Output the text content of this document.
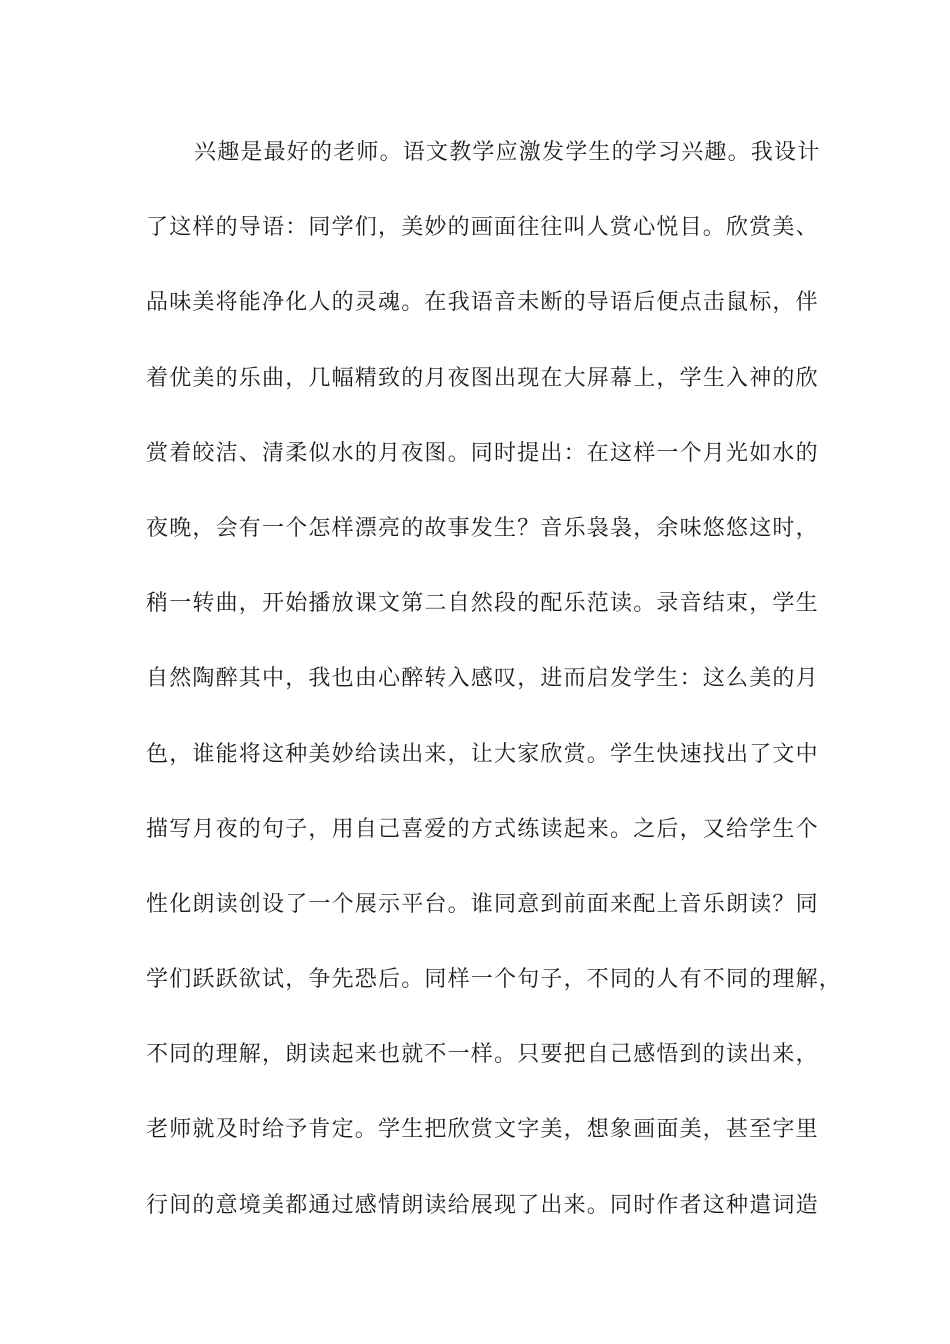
兴趣是最好的老师。语文教学应激发学生的学习兴趣。我设计
了这样的导语：同学们，美妙的画面往往叫人赏心悦目。欣赏美、
品味美将能净化人的灵魂。在我语音未断的导语后便点击鼠标，伴
着优美的乐曲，几幅精致的月夜图出现在大屏幕上，学生入神的欣
赏着皎洁、清柔似水的月夜图。同时提出：在这样一个月光如水的
夜晚，会有一个怎样漂亮的故事发生？音乐袅袅，余味悠悠这时，
稍一转曲，开始播放课文第二自然段的配乐范读。录音结束，学生
自然陶醉其中，我也由心醉转入感叹，进而启发学生：这么美的月
色，谁能将这种美妙给读出来，让大家欣赏。学生快速找出了文中
描写月夜的句子，用自己喜爱的方式练读起来。之后，又给学生个
性化朗读创设了一个展示平台。谁同意到前面来配上音乐朗读？同
学们跃跃欲试，争先恐后。同样一个句子，不同的人有不同的理解，
不同的理解，朗读起来也就不一样。只要把自己感悟到的读出来，
老师就及时给予肯定。学生把欣赏文字美，想象画面美，甚至字里
行间的意境美都通过感情朗读给展现了出来。同时作者这种遣词造
